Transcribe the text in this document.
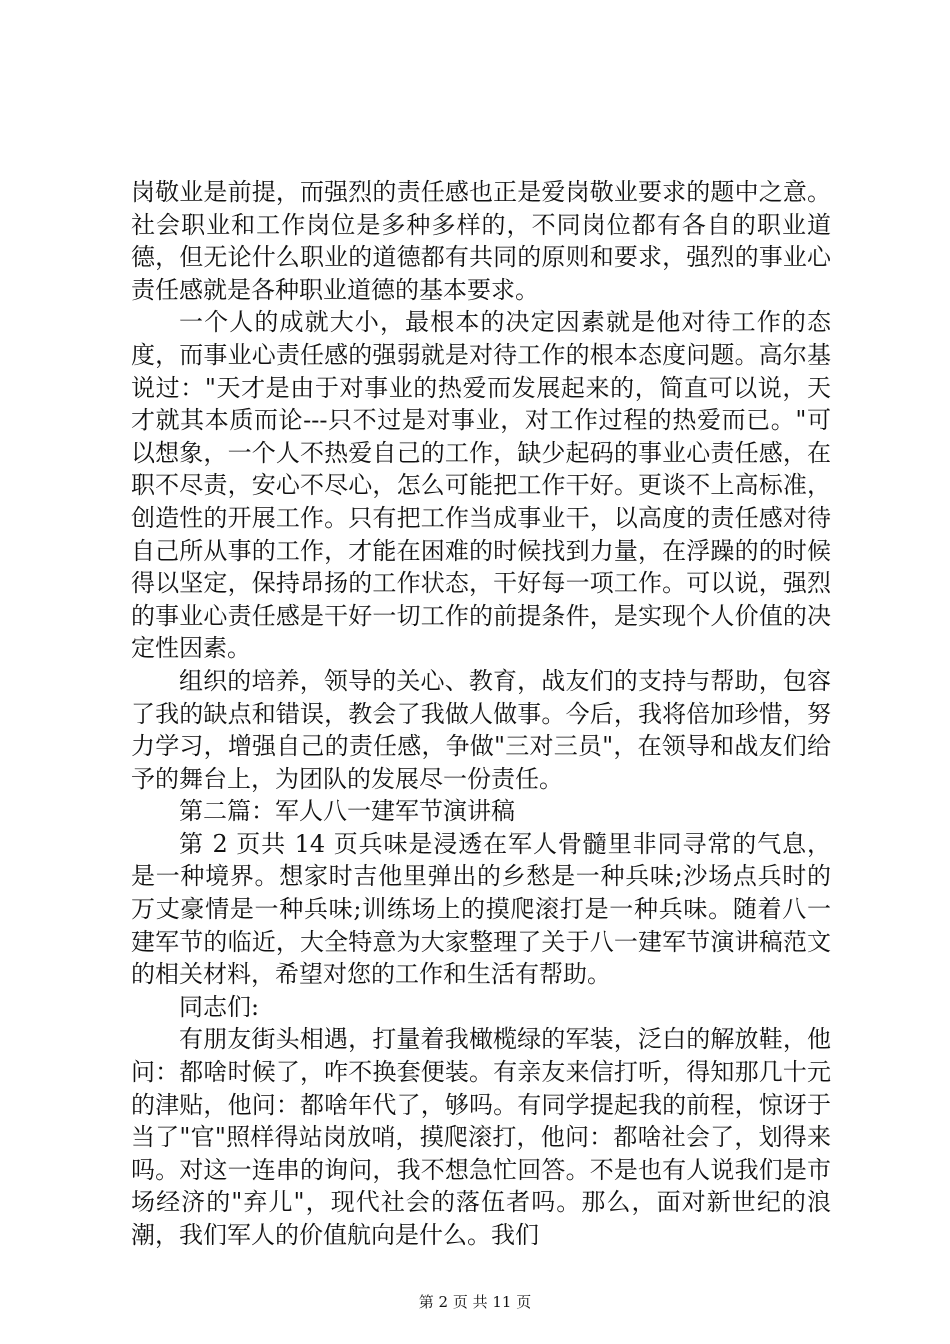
岗敬业是前提，而强烈的责任感也正是爱岗敬业要求的题中之意。社会职业和工作岗位是多种多样的，不同岗位都有各自的职业道德，但无论什么职业的道德都有共同的原则和要求，强烈的事业心责任感就是各种职业道德的基本要求。

一个人的成就大小，最根本的决定因素就是他对待工作的态度，而事业心责任感的强弱就是对待工作的根本态度问题。高尔基说过："天才是由于对事业的热爱而发展起来的，简直可以说，天才就其本质而论---只不过是对事业，对工作过程的热爱而已。"可以想象，一个人不热爱自己的工作，缺少起码的事业心责任感，在职不尽责，安心不尽心，怎么可能把工作干好。更谈不上高标准，创造性的开展工作。只有把工作当成事业干，以高度的责任感对待自己所从事的工作，才能在困难的时候找到力量，在浮躁的的时候得以坚定，保持昂扬的工作状态，干好每一项工作。可以说，强烈的事业心责任感是干好一切工作的前提条件，是实现个人价值的决定性因素。

组织的培养，领导的关心、教育，战友们的支持与帮助，包容了我的缺点和错误，教会了我做人做事。今后，我将倍加珍惜，努力学习，增强自己的责任感，争做"三对三员"，在领导和战友们给予的舞台上，为团队的发展尽一份责任。

第二篇：军人八一建军节演讲稿

第 2 页共 14 页兵味是浸透在军人骨髓里非同寻常的气息，是一种境界。想家时吉他里弹出的乡愁是一种兵味;沙场点兵时的万丈豪情是一种兵味;训练场上的摸爬滚打是一种兵味。随着八一建军节的临近，大全特意为大家整理了关于八一建军节演讲稿范文的相关材料，希望对您的工作和生活有帮助。

同志们:

有朋友街头相遇，打量着我橄榄绿的军装，泛白的解放鞋，他问：都啥时候了，咋不换套便装。有亲友来信打听，得知那几十元的津贴，他问：都啥年代了，够吗。有同学提起我的前程，惊讶于当了"官"照样得站岗放哨，摸爬滚打，他问：都啥社会了，划得来吗。对这一连串的询问，我不想急忙回答。不是也有人说我们是市场经济的"弃儿"，现代社会的落伍者吗。那么，面对新世纪的浪潮，我们军人的价值航向是什么。我们

第 2 页 共 11 页
